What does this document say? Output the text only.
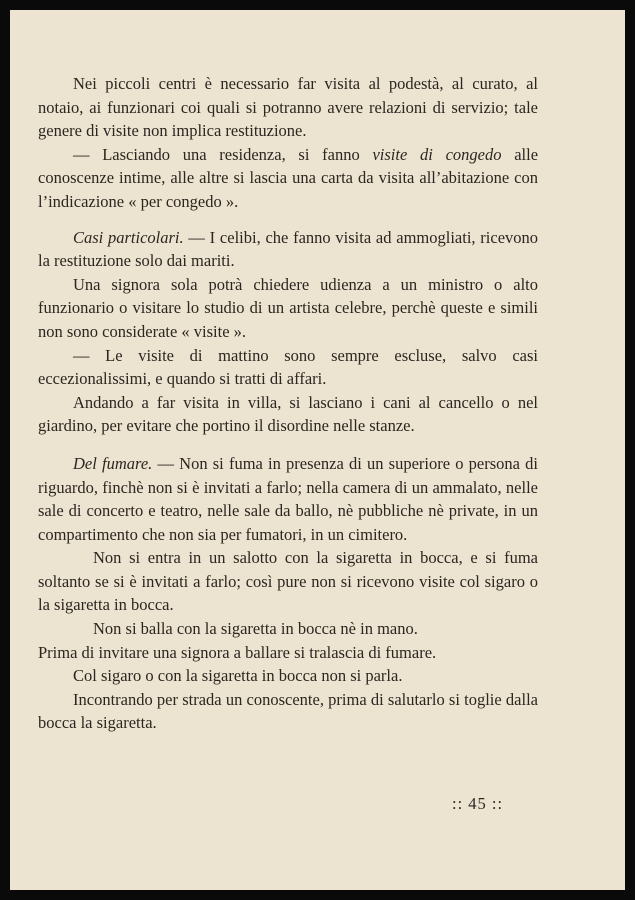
Nei piccoli centri è necessario far visita al podestà, al curato, al notaio, ai funzionari coi quali si potranno avere relazioni di servizio; tale genere di visite non implica restituzione.

— Lasciando una residenza, si fanno visite di congedo alle conoscenze intime, alle altre si lascia una carta da visita all’abitazione con l’indicazione « per congedo ».

Casi particolari. — I celibi, che fanno visita ad ammogliati, ricevono la restituzione solo dai mariti.

Una signora sola potrà chiedere udienza a un ministro o alto funzionario o visitare lo studio di un artista celebre, perchè queste e simili non sono considerate « visite ».

— Le visite di mattino sono sempre escluse, salvo casi eccezionalissimi, e quando si tratti di affari.

Andando a far visita in villa, si lasciano i cani al cancello o nel giardino, per evitare che portino il disordine nelle stanze.

Del fumare. — Non si fuma in presenza di un superiore o persona di riguardo, finchè non si è invitati a farlo; nella camera di un ammalato, nelle sale di concerto e teatro, nelle sale da ballo, nè pubbliche nè private, in un compartimento che non sia per fumatori, in un cimitero.

Non si entra in un salotto con la sigaretta in bocca, e si fuma soltanto se si è invitati a farlo; così pure non si ricevono visite col sigaro o la sigaretta in bocca.

Non si balla con la sigaretta in bocca nè in mano.

Prima di invitare una signora a ballare si tralascia di fumare.

Col sigaro o con la sigaretta in bocca non si parla.

Incontrando per strada un conoscente, prima di salutarlo si toglie dalla bocca la sigaretta.

:: 45 ::
